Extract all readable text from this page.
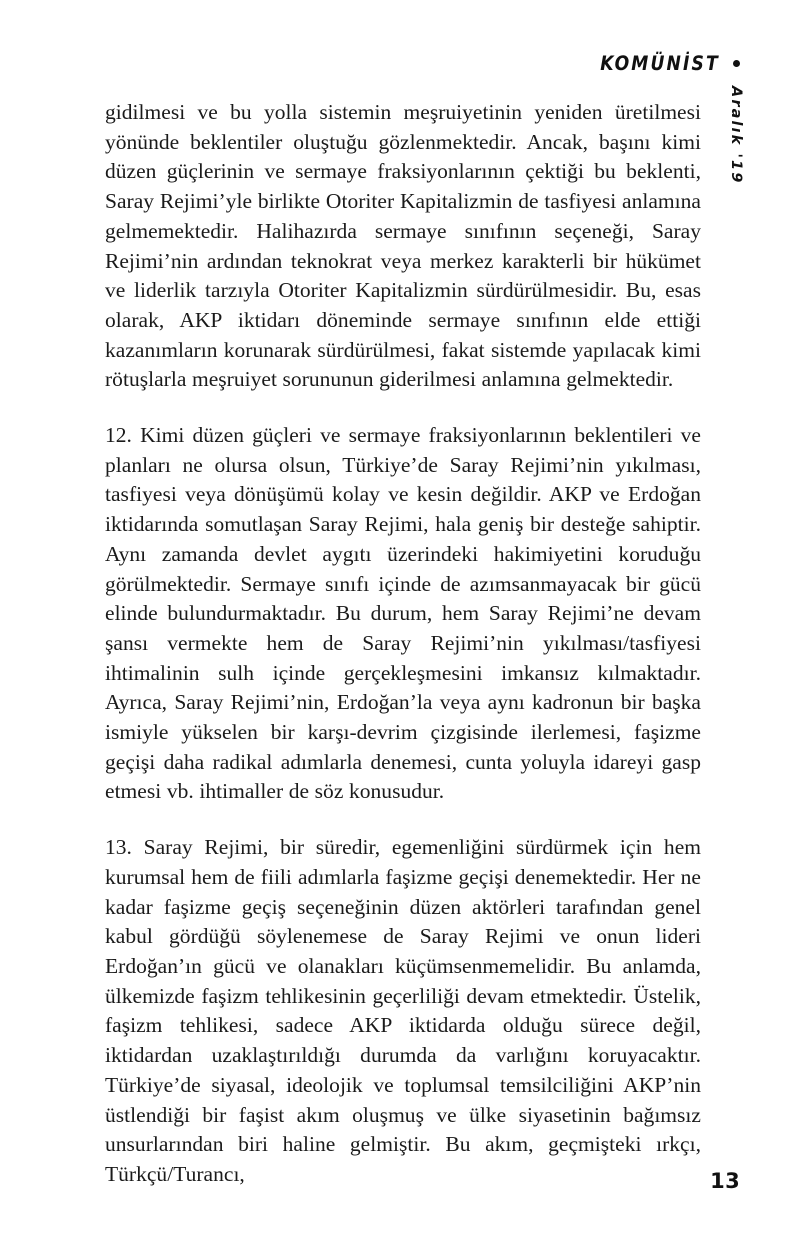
KOMÜNİST
Aralık '19

gidilmesi ve bu yolla sistemin meşruiyetinin yeniden üretilmesi yönünde beklentiler oluştuğu gözlenmektedir. Ancak, başını kimi düzen güçlerinin ve sermaye fraksiyonlarının çektiği bu beklenti, Saray Rejimi’yle birlikte Otoriter Kapitalizmin de tasfiyesi anlamına gelmemektedir. Halihazırda sermaye sınıfının seçeneği, Saray Rejimi’nin ardından teknokrat veya merkez karakterli bir hükümet ve liderlik tarzıyla Otoriter Kapitalizmin sürdürülmesidir. Bu, esas olarak, AKP iktidarı döneminde sermaye sınıfının elde ettiği kazanımların korunarak sürdürülmesi, fakat sistemde yapılacak kimi rötuşlarla meşruiyet sorununun giderilmesi anlamına gelmektedir.

12. Kimi düzen güçleri ve sermaye fraksiyonlarının beklentileri ve planları ne olursa olsun, Türkiye’de Saray Rejimi’nin yıkılması, tasfiyesi veya dönüşümü kolay ve kesin değildir. AKP ve Erdoğan iktidarında somutlaşan Saray Rejimi, hala geniş bir desteğe sahiptir. Aynı zamanda devlet aygıtı üzerindeki hakimiyetini koruduğu görülmektedir. Sermaye sınıfı içinde de azımsanmayacak bir gücü elinde bulundurmaktadır. Bu durum, hem Saray Rejimi’ne devam şansı vermekte hem de Saray Rejimi’nin yıkılması/tasfiyesi ihtimalinin sulh içinde gerçekleşmesini imkansız kılmaktadır. Ayrıca, Saray Rejimi’nin, Erdoğan’la veya aynı kadronun bir başka ismiyle yükselen bir karşı-devrim çizgisinde ilerlemesi, faşizme geçişi daha radikal adımlarla denemesi, cunta yoluyla idareyi gasp etmesi vb. ihtimaller de söz konusudur.

13. Saray Rejimi, bir süredir, egemenliğini sürdürmek için hem kurumsal hem de fiili adımlarla faşizme geçişi denemektedir. Her ne kadar faşizme geçiş seçeneğinin düzen aktörleri tarafından genel kabul gördüğü söylenemese de Saray Rejimi ve onun lideri Erdoğan’ın gücü ve olanakları küçümsenmemelidir. Bu anlamda, ülkemizde faşizm tehlikesinin geçerliliği devam etmektedir. Üstelik, faşizm tehlikesi, sadece AKP iktidarda olduğu sürece değil, iktidardan uzaklaştırıldığı durumda da varlığını koruyacaktır. Türkiye’de siyasal, ideolojik ve toplumsal temsilciliğini AKP’nin üstlendiği bir faşist akım oluşmuş ve ülke siyasetinin bağımsız unsurlarından biri haline gelmiştir. Bu akım, geçmişteki ırkçı, Türkçü/Turancı,	13
